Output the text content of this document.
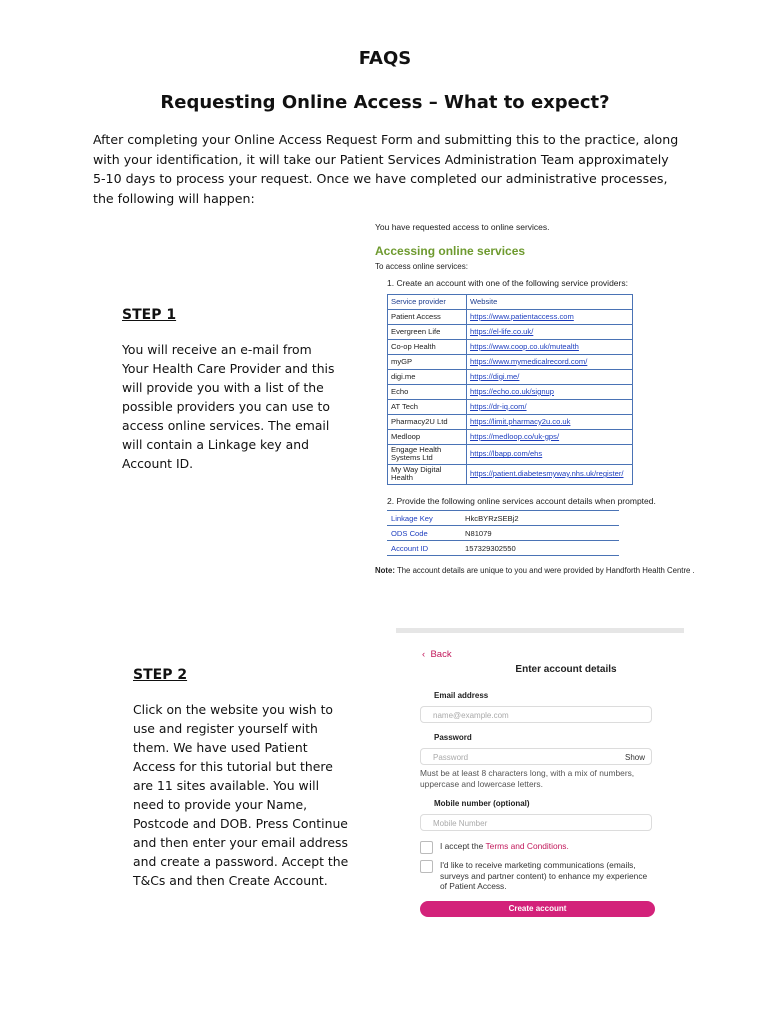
FAQS
Requesting Online Access – What to expect?
After completing your Online Access Request Form and submitting this to the practice, along with your identification, it will take our Patient Services Administration Team approximately 5-10 days to process your request. Once we have completed our administrative processes, the following will happen:
STEP 1
You will receive an e-mail from Your Health Care Provider and this will provide you with a list of the possible providers you can use to access online services. The email will contain a Linkage key and Account ID.
You have requested access to online services.
Accessing online services
To access online services:
1. Create an account with one of the following service providers:
Service provider	Website
Patient Access	https://www.patientaccess.com
Evergreen Life	https://el-life.co.uk/
Co-op Health	https://www.coop.co.uk/mutealth
myGP	https://www.mymedicalrecord.com/
digi.me	https://digi.me/
Echo	https://echo.co.uk/signup
AT Tech	https://dr-iq.com/
Pharmacy2U Ltd	https://limit.pharmacy2u.co.uk
Medloop	https://medloop.co/uk-gps/
Engage Health Systems Ltd	https://lbapp.com/ehs
My Way Digital Health	https://patient.diabetesmyway.nhs.uk/register/
2. Provide the following online services account details when prompted.
Linkage Key	HkcBYRzSEBj2
ODS Code	N81079
Account ID	157329302550
Note: The account details are unique to you and were provided by Handforth Health Centre .
STEP 2
Click on the website you wish to use and register yourself with them. We have used Patient Access for this tutorial but there are 11 sites available. You will need to provide your Name, Postcode and DOB. Press Continue and then enter your email address and create a password. Accept the T&Cs and then Create Account.
‹ Back
Enter account details
Email address
name@example.com
Password
Password	Show
Must be at least 8 characters long, with a mix of numbers, uppercase and lowercase letters.
Mobile number (optional)
Mobile Number
I accept the Terms and Conditions.
I'd like to receive marketing communications (emails, surveys and partner content) to enhance my experience of Patient Access.
Create account
